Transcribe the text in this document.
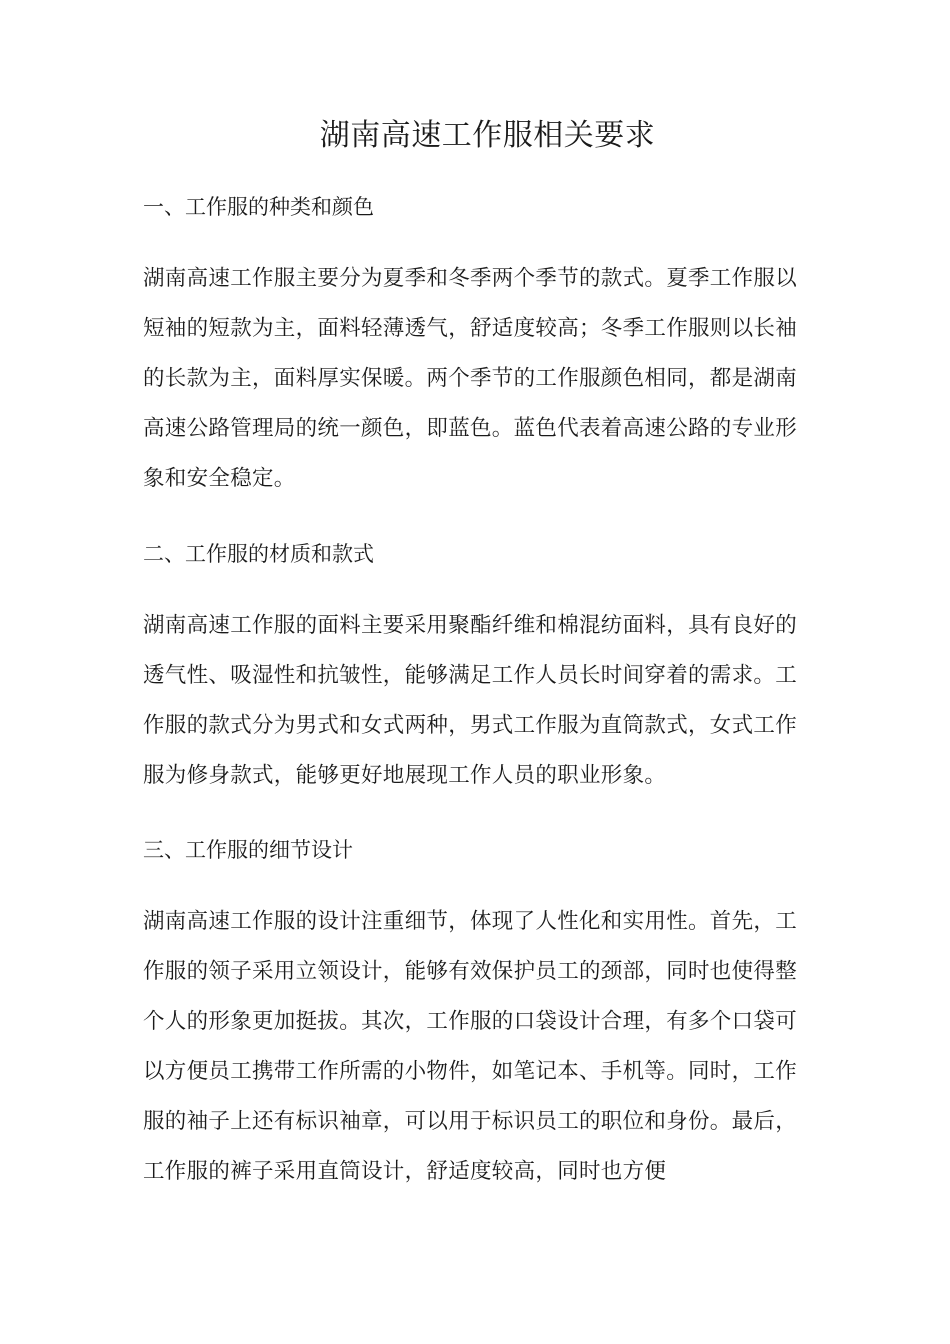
湖南高速工作服相关要求
一、工作服的种类和颜色
湖南高速工作服主要分为夏季和冬季两个季节的款式。夏季工作服以
短袖的短款为主，面料轻薄透气，舒适度较高；冬季工作服则以长袖
的长款为主，面料厚实保暖。两个季节的工作服颜色相同，都是湖南
高速公路管理局的统一颜色，即蓝色。蓝色代表着高速公路的专业形
象和安全稳定。
二、工作服的材质和款式
湖南高速工作服的面料主要采用聚酯纤维和棉混纺面料，具有良好的
透气性、吸湿性和抗皱性，能够满足工作人员长时间穿着的需求。工
作服的款式分为男式和女式两种，男式工作服为直筒款式，女式工作
服为修身款式，能够更好地展现工作人员的职业形象。
三、工作服的细节设计
湖南高速工作服的设计注重细节，体现了人性化和实用性。首先，工
作服的领子采用立领设计，能够有效保护员工的颈部，同时也使得整
个人的形象更加挺拔。其次，工作服的口袋设计合理，有多个口袋可
以方便员工携带工作所需的小物件，如笔记本、手机等。同时，工作
服的袖子上还有标识袖章，可以用于标识员工的职位和身份。最后，
工作服的裤子采用直筒设计，舒适度较高，同时也方便
